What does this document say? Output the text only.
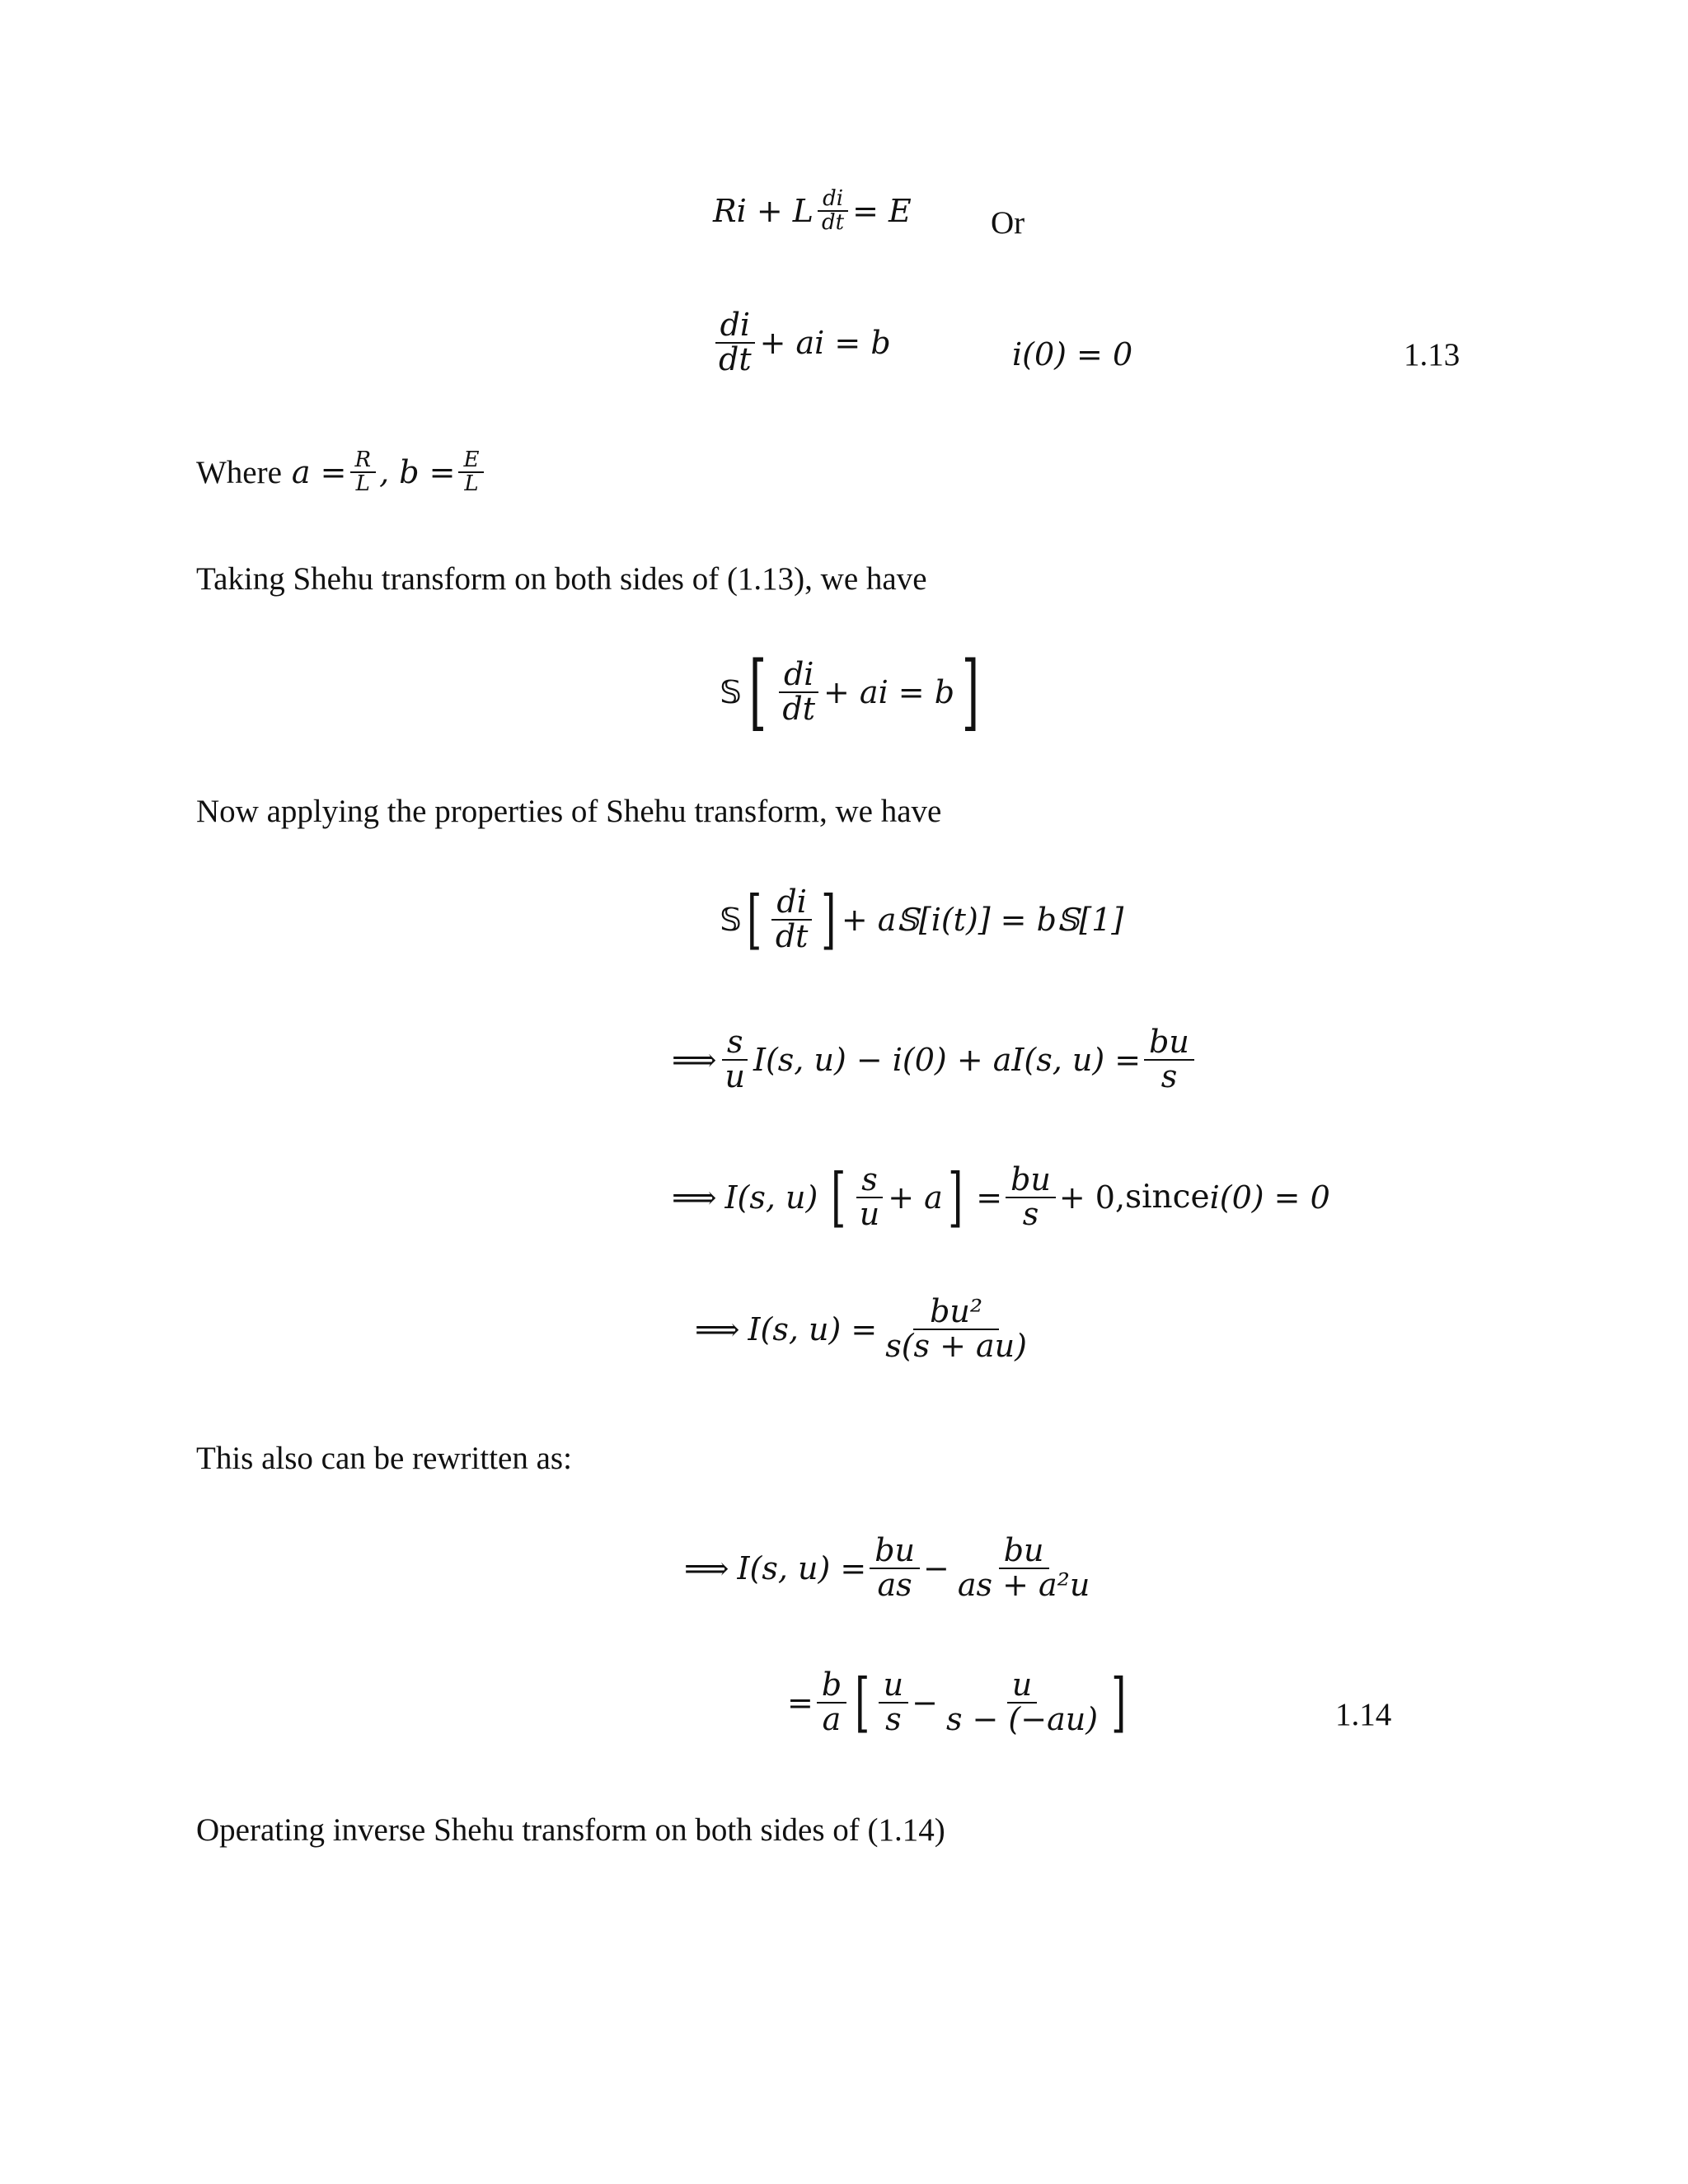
Ri + L $\frac{di}{dt} = E$ Or
$\frac{di}{dt}$ + ai = b	i(0) = 0	1.13
Where $a = \frac{R}{L}$ , $b = \frac{E}{L}$
Taking Shehu transform on both sides of (1.13), we have
𝕊 [ $\frac{di}{dt}$ + ai = b ]
Now applying the properties of Shehu transform, we have
𝕊 [ $\frac{di}{dt}$ ] + a𝕊[i(t)] = b𝕊[1]
⟹ $\frac{s}{u} I(s$, u) − i(0) + aI(s, $u) = \frac{bu}{s}$
⟹ I(s, u) [ $\frac{s}{u} + a$ ] = $\frac{bu}{s} + 0$, since i(0) = 0
⟹ I(s, $u) = \frac{\text{bu²}}{s(s + au)}$
This also can be rewritten as:
⟹ I(s, $u) = \frac{bu}{as} - \frac{bu}{\text{as + a²u}}$
= $\frac{b}{a}$ [ $\frac{u}{s} - \frac{u}{s - (-au)}$ ]	1.14
Operating inverse Shehu transform on both sides of (1.14)
